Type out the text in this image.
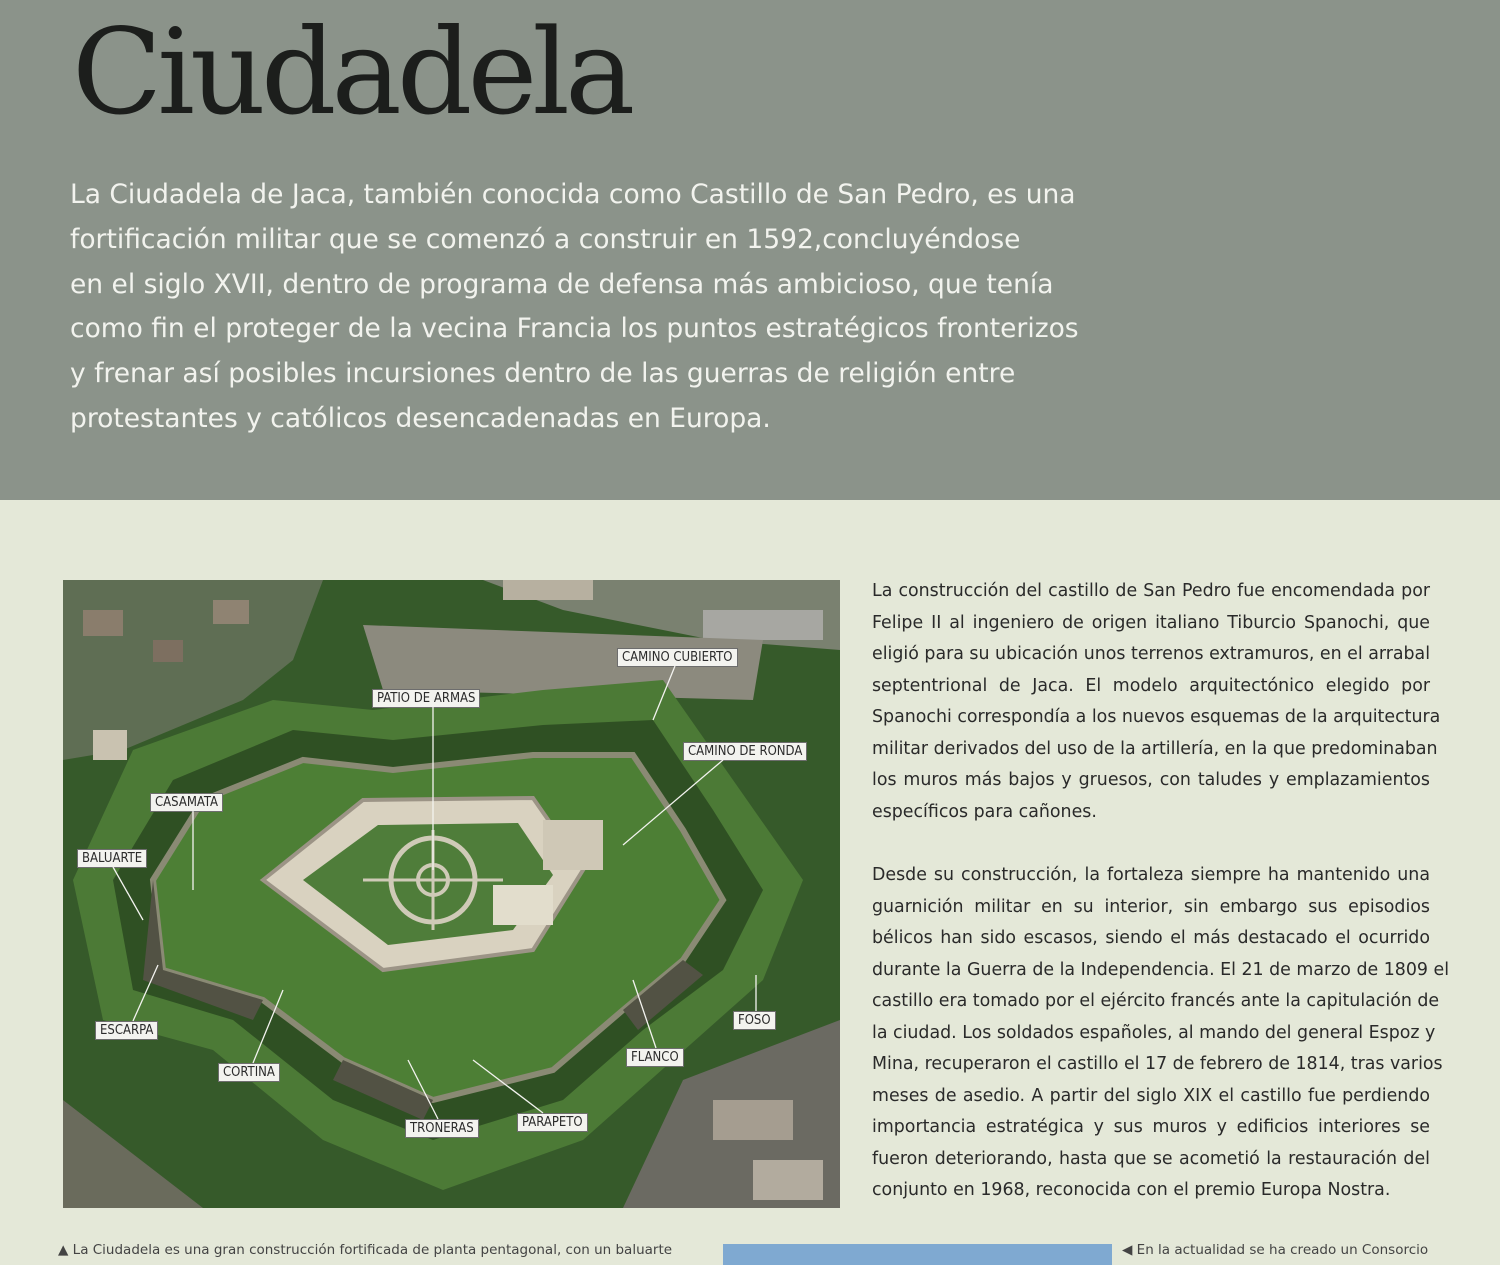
Ciudadela

La Ciudadela de Jaca, también conocida como Castillo de San Pedro, es una
fortificación militar que se comenzó a construir en 1592,concluyéndose
en el siglo XVII, dentro de programa de defensa más ambicioso, que tenía
como fin el proteger de la vecina Francia los puntos estratégicos fronterizos
y frenar así posibles incursiones dentro de las guerras de religión entre
protestantes y católicos desencadenadas en Europa.

CAMINO CUBIERTO
PATIO DE ARMAS
CAMINO DE RONDA
CASAMATA
BALUARTE
ESCARPA
CORTINA
TRONERAS	PARAPETO
FLANCO
FOSO

La construcción del castillo de San Pedro fue encomendada por
Felipe II al ingeniero de origen italiano Tiburcio Spanochi, que
eligió para su ubicación unos terrenos extramuros, en el arrabal
septentrional de Jaca. El modelo arquitectónico elegido por
Spanochi correspondía a los nuevos esquemas de la arquitectura
militar derivados del uso de la artillería, en la que predominaban
los muros más bajos y gruesos, con taludes y emplazamientos
específicos para cañones.

Desde su construcción, la fortaleza siempre ha mantenido una
guarnición militar en su interior, sin embargo sus episodios
bélicos han sido escasos, siendo el más destacado el ocurrido
durante la Guerra de la Independencia. El 21 de marzo de 1809 el
castillo era tomado por el ejército francés ante la capitulación de
la ciudad. Los soldados españoles, al mando del general Espoz y
Mina, recuperaron el castillo el 17 de febrero de 1814, tras varios
meses de asedio. A partir del siglo XIX el castillo fue perdiendo
importancia estratégica y sus muros y edificios interiores se
fueron deteriorando, hasta que se acometió la restauración del
conjunto en 1968, reconocida con el premio Europa Nostra.

▲ La Ciudadela es una gran construcción fortificada de planta pentagonal, con un baluarte	◀ En la actualidad se ha creado un Consorcio
